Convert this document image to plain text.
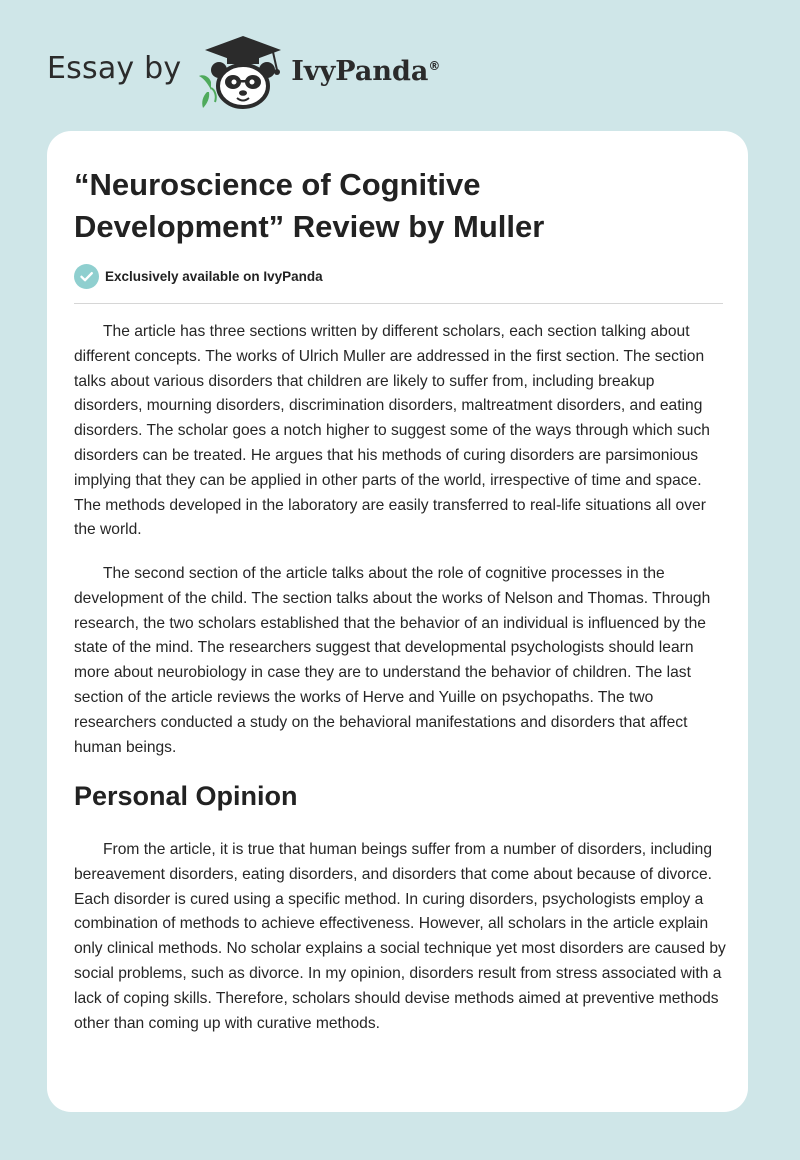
Essay by	IvyPanda®
“Neuroscience of Cognitive Development” Review by Muller
Exclusively available on IvyPanda

The article has three sections written by different scholars, each section talking about different concepts. The works of Ulrich Muller are addressed in the first section. The section talks about various disorders that children are likely to suffer from, including breakup disorders, mourning disorders, discrimination disorders, maltreatment disorders, and eating disorders. The scholar goes a notch higher to suggest some of the ways through which such disorders can be treated. He argues that his methods of curing disorders are parsimonious implying that they can be applied in other parts of the world, irrespective of time and space. The methods developed in the laboratory are easily transferred to real-life situations all over the world.

The second section of the article talks about the role of cognitive processes in the development of the child. The section talks about the works of Nelson and Thomas. Through research, the two scholars established that the behavior of an individual is influenced by the state of the mind. The researchers suggest that developmental psychologists should learn more about neurobiology in case they are to understand the behavior of children. The last section of the article reviews the works of Herve and Yuille on psychopaths. The two researchers conducted a study on the behavioral manifestations and disorders that affect human beings.

Personal Opinion

From the article, it is true that human beings suffer from a number of disorders, including bereavement disorders, eating disorders, and disorders that come about because of divorce. Each disorder is cured using a specific method. In curing disorders, psychologists employ a combination of methods to achieve effectiveness. However, all scholars in the article explain only clinical methods. No scholar explains a social technique yet most disorders are caused by social problems, such as divorce. In my opinion, disorders result from stress associated with a lack of coping skills. Therefore, scholars should devise methods aimed at preventive methods other than coming up with curative methods.
